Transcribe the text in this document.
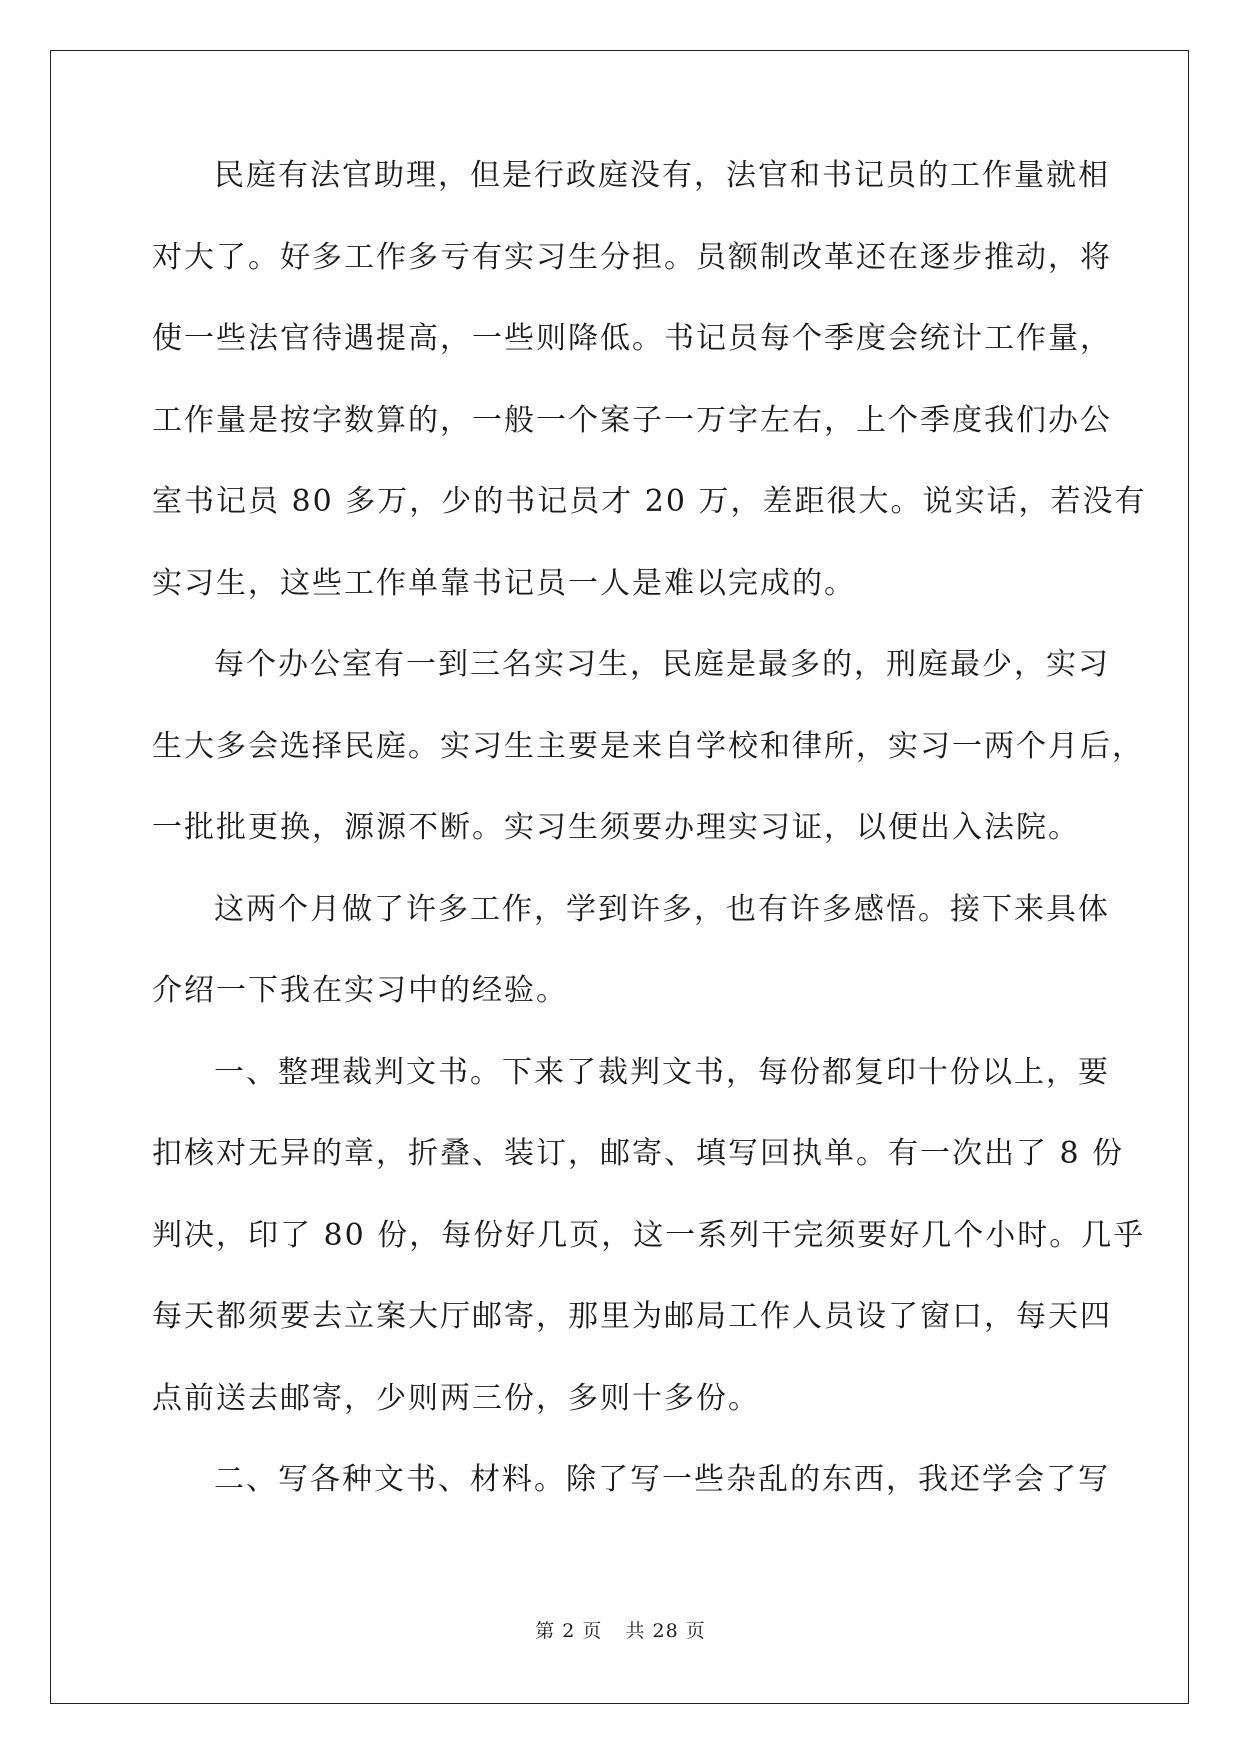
民庭有法官助理，但是行政庭没有，法官和书记员的工作量就相
对大了。好多工作多亏有实习生分担。员额制改革还在逐步推动，将
使一些法官待遇提高，一些则降低。书记员每个季度会统计工作量，
工作量是按字数算的，一般一个案子一万字左右，上个季度我们办公
室书记员 80 多万，少的书记员才 20 万，差距很大。说实话，若没有
实习生，这些工作单靠书记员一人是难以完成的。
每个办公室有一到三名实习生，民庭是最多的，刑庭最少，实习
生大多会选择民庭。实习生主要是来自学校和律所，实习一两个月后，
一批批更换，源源不断。实习生须要办理实习证，以便出入法院。
这两个月做了许多工作，学到许多，也有许多感悟。接下来具体
介绍一下我在实习中的经验。
一、整理裁判文书。下来了裁判文书，每份都复印十份以上，要
扣核对无异的章，折叠、装订，邮寄、填写回执单。有一次出了 8 份
判决，印了 80 份，每份好几页，这一系列干完须要好几个小时。几乎
每天都须要去立案大厅邮寄，那里为邮局工作人员设了窗口，每天四
点前送去邮寄，少则两三份，多则十多份。
二、写各种文书、材料。除了写一些杂乱的东西，我还学会了写
第 2 页 共 28 页
